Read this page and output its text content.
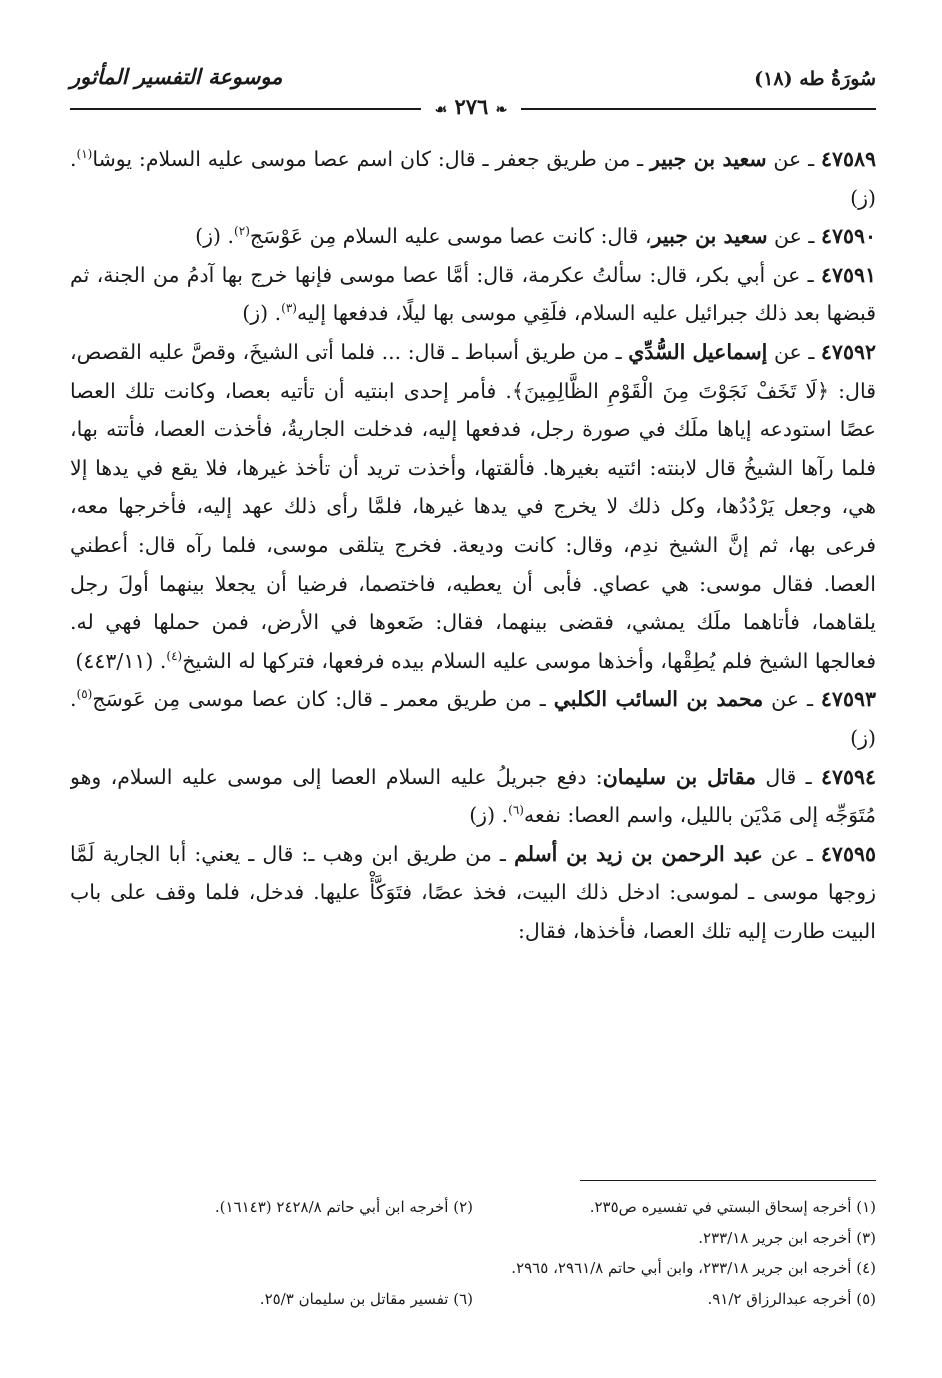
سُورَةُ طه (١٨)
موسوعة التفسير المأثور
❧ ٢٧٦ ☙

٤٧٥٨٩ ـ عن سعيد بن جبير ـ من طريق جعفر ـ قال: كان اسم عصا موسى عليه السلام: يوشا$^{(١)}$. (ز)

٤٧٥٩٠ ـ عن سعيد بن جبير، قال: كانت عصا موسى عليه السلام مِن عَوْسَج$^{(٢)}$. (ز)

٤٧٥٩١ ـ عن أبي بكر، قال: سألتُ عكرمة، قال: أمَّا عصا موسى فإنها خرج بها آدمُ من الجنة، ثم قبضها بعد ذلك جبرائيل عليه السلام، فلَقِي موسى بها ليلًا، فدفعها إليه$^{(٣)}$. (ز)

٤٧٥٩٢ ـ عن إسماعيل السُّدِّي ـ من طريق أسباط ـ قال: ... فلما أتى الشيخَ، وقصَّ عليه القصص، قال: ﴿لَا تَخَفْ نَجَوْتَ مِنَ الْقَوْمِ الظَّالِمِينَ﴾. فأمر إحدى ابنتيه أن تأتيه بعصا، وكانت تلك العصا عصًا استودعه إياها ملَك في صورة رجل، فدفعها إليه، فدخلت الجاريةُ، فأخذت العصا، فأتته بها، فلما رآها الشيخُ قال لابنته: ائتيه بغيرها. فألقتها، وأخذت تريد أن تأخذ غيرها، فلا يقع في يدها إلا هي، وجعل يَرْدُدُها، وكل ذلك لا يخرج في يدها غيرها، فلمَّا رأى ذلك عهد إليه، فأخرجها معه، فرعى بها، ثم إنَّ الشيخ ندِم، وقال: كانت وديعة. فخرج يتلقى موسى، فلما رآه قال: أعطني العصا. فقال موسى: هي عصاي. فأبى أن يعطيه، فاختصما، فرضيا أن يجعلا بينهما أولَ رجل يلقاهما، فأتاهما ملَك يمشي، فقضى بينهما، فقال: ضَعوها في الأرض، فمن حملها فهي له. فعالجها الشيخ فلم يُطِقْها، وأخذها موسى عليه السلام بيده فرفعها، فتركها له الشيخ$^{(٤)}$. (٤٤٣/١١)

٤٧٥٩٣ ـ عن محمد بن السائب الكلبي ـ من طريق معمر ـ قال: كان عصا موسى مِن عَوسَج$^{(٥)}$. (ز)

٤٧٥٩٤ ـ قال مقاتل بن سليمان: دفع جبريلُ عليه السلام العصا إلى موسى عليه السلام، وهو مُتَوَجِّه إلى مَدْيَن بالليل، واسم العصا: نفعه$^{(٦)}$. (ز)

٤٧٥٩٥ ـ عن عبد الرحمن بن زيد بن أسلم ـ من طريق ابن وهب ـ: قال ـ يعني: أبا الجارية لَمَّا زوجها موسى ـ لموسى: ادخل ذلك البيت، فخذ عصًا، فتَوَكَّأْ عليها. فدخل، فلما وقف على باب البيت طارت إليه تلك العصا، فأخذها، فقال:

(١) أخرجه إسحاق البستي في تفسيره ص٢٣٥.
(٢) أخرجه ابن أبي حاتم ٢٤٢٨/٨ (١٦١٤٣).
(٣) أخرجه ابن جرير ٢٣٣/١٨.
(٤) أخرجه ابن جرير ٢٣٣/١٨، وابن أبي حاتم ٢٩٦١/٨، ٢٩٦٥.
(٥) أخرجه عبدالرزاق ٩١/٢.
(٦) تفسير مقاتل بن سليمان ٢٥/٣.
